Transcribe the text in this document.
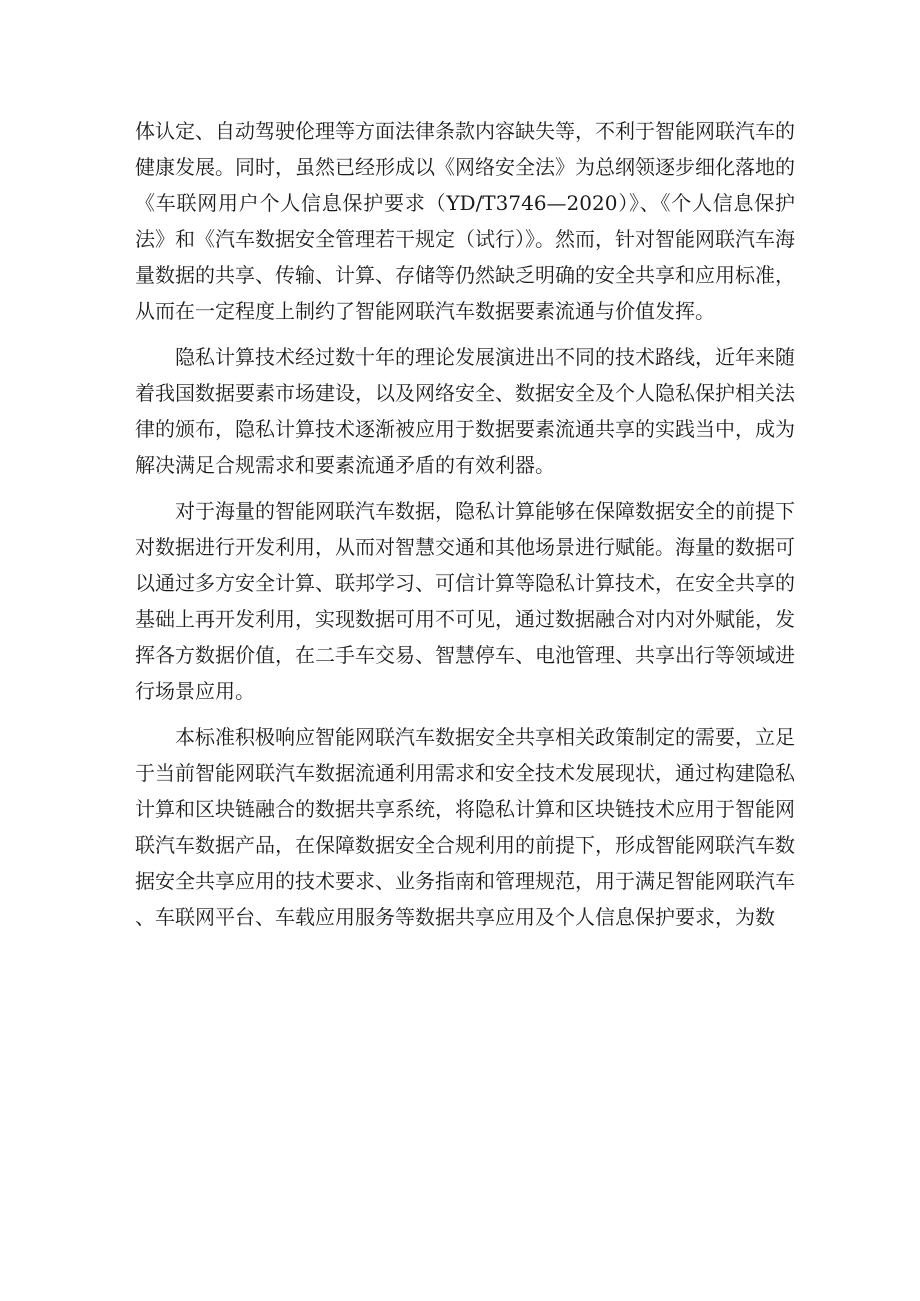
体认定、自动驾驶伦理等方面法律条款内容缺失等，不利于智能网联汽车的健康发展。同时，虽然已经形成以《网络安全法》为总纲领逐步细化落地的《车联网用户个人信息保护要求（YD/T3746—2020）》、《个人信息保护法》和《汽车数据安全管理若干规定（试行）》。然而，针对智能网联汽车海量数据的共享、传输、计算、存储等仍然缺乏明确的安全共享和应用标准，从而在一定程度上制约了智能网联汽车数据要素流通与价值发挥。

隐私计算技术经过数十年的理论发展演进出不同的技术路线，近年来随着我国数据要素市场建设，以及网络安全、数据安全及个人隐私保护相关法律的颁布，隐私计算技术逐渐被应用于数据要素流通共享的实践当中，成为解决满足合规需求和要素流通矛盾的有效利器。

对于海量的智能网联汽车数据，隐私计算能够在保障数据安全的前提下对数据进行开发利用，从而对智慧交通和其他场景进行赋能。海量的数据可以通过多方安全计算、联邦学习、可信计算等隐私计算技术，在安全共享的基础上再开发利用，实现数据可用不可见，通过数据融合对内对外赋能，发挥各方数据价值，在二手车交易、智慧停车、电池管理、共享出行等领域进行场景应用。

本标准积极响应智能网联汽车数据安全共享相关政策制定的需要，立足于当前智能网联汽车数据流通利用需求和安全技术发展现状，通过构建隐私计算和区块链融合的数据共享系统，将隐私计算和区块链技术应用于智能网联汽车数据产品，在保障数据安全合规利用的前提下，形成智能网联汽车数据安全共享应用的技术要求、业务指南和管理规范，用于满足智能网联汽车、车联网平台、车载应用服务等数据共享应用及个人信息保护要求，为数
